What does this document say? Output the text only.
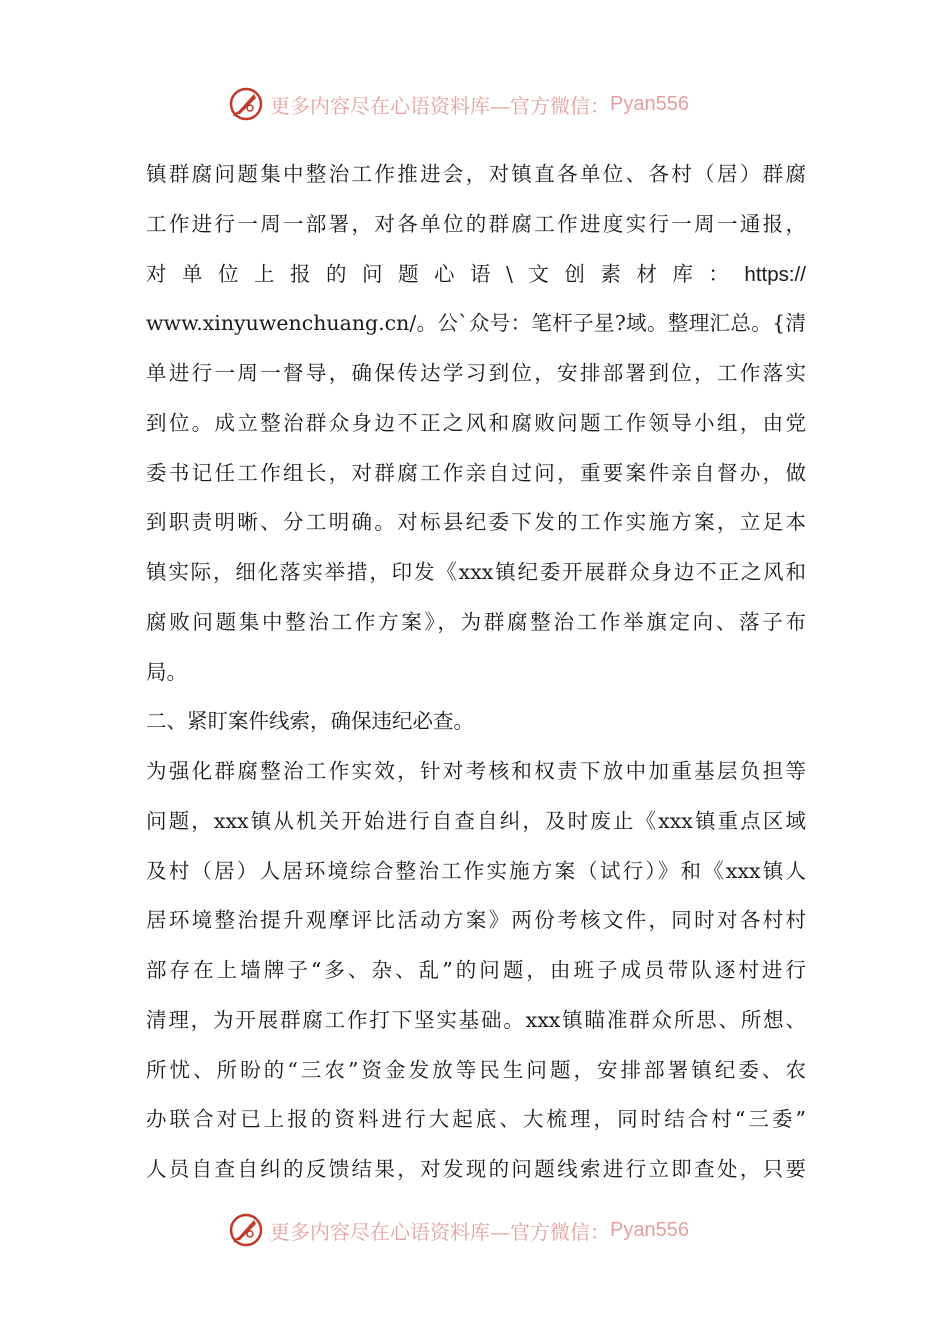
更多内容尽在心语资料库—官方微信： Pyan556
镇群腐问题集中整治工作推进会，对镇直各单位、各村（居）群腐
工作进行一周一部署，对各单位的群腐工作进度实行一周一通报，
对 单 位 上 报 的 问 题 心 语 \ 文 创 素 材 库 ： https://
www.xinyuwenchuang.cn/。公`众号：笔杆子星?域。整理汇总。{清
单进行一周一督导，确保传达学习到位，安排部署到位，工作落实
到位。成立整治群众身边不正之风和腐败问题工作领导小组，由党
委书记任工作组长，对群腐工作亲自过问，重要案件亲自督办，做
到职责明晰、分工明确。对标县纪委下发的工作实施方案，立足本
镇实际，细化落实举措，印发《xxx镇纪委开展群众身边不正之风和
腐败问题集中整治工作方案》，为群腐整治工作举旗定向、落子布
局。
二、紧盯案件线索，确保违纪必查。
为强化群腐整治工作实效，针对考核和权责下放中加重基层负担等
问题，xxx镇从机关开始进行自查自纠，及时废止《xxx镇重点区域
及村（居）人居环境综合整治工作实施方案（试行）》和《xxx镇人
居环境整治提升观摩评比活动方案》两份考核文件，同时对各村村
部存在上墙牌子“多、杂、乱”的问题，由班子成员带队逐村进行
清理，为开展群腐工作打下坚实基础。xxx镇瞄准群众所思、所想、
所忧、所盼的“三农”资金发放等民生问题，安排部署镇纪委、农
办联合对已上报的资料进行大起底、大梳理，同时结合村“三委”
人员自查自纠的反馈结果，对发现的问题线索进行立即查处，只要
更多内容尽在心语资料库—官方微信： Pyan556
